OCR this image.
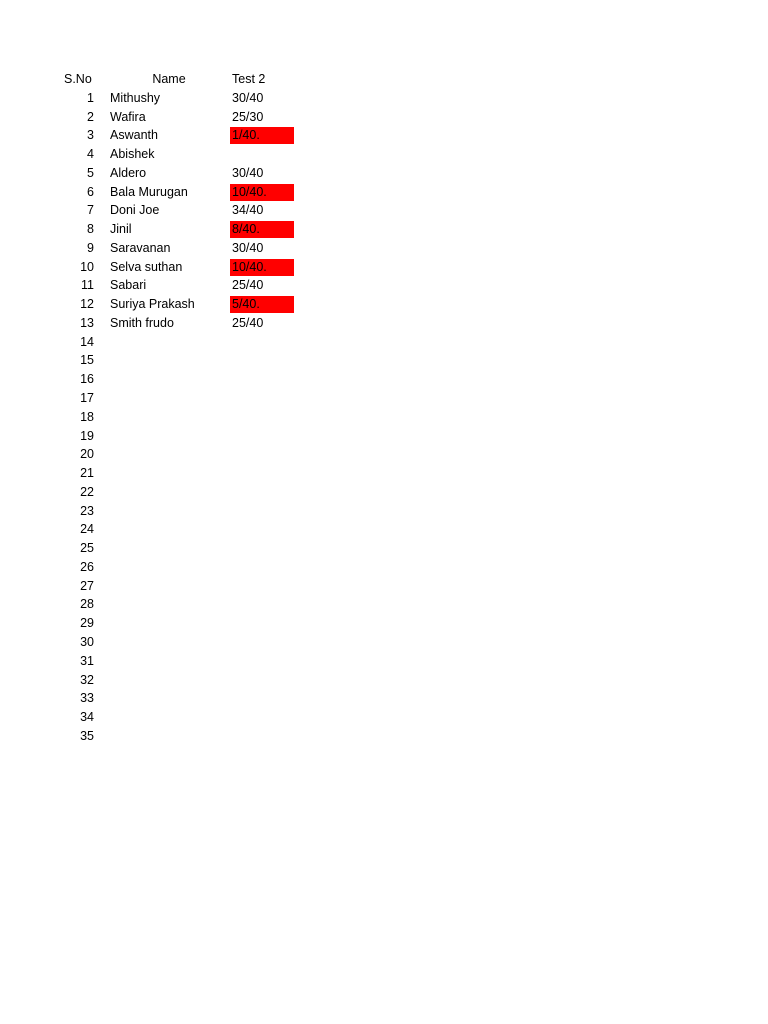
S.No	Name	Test 2
1 Mithushy	30/40
2 Wafira	25/30
3 Aswanth	1/40.
4 Abishek
5 Aldero	30/40
6 Bala Murugan	10/40.
7 Doni Joe	34/40
8 Jinil	8/40.
9 Saravanan	30/40
10 Selva suthan	10/40.
11 Sabari	25/40
12 Suriya Prakash	5/40.
13 Smith frudo	25/40
14
15
16
17
18
19
20
21
22
23
24
25
26
27
28
29
30
31
32
33
34
35
